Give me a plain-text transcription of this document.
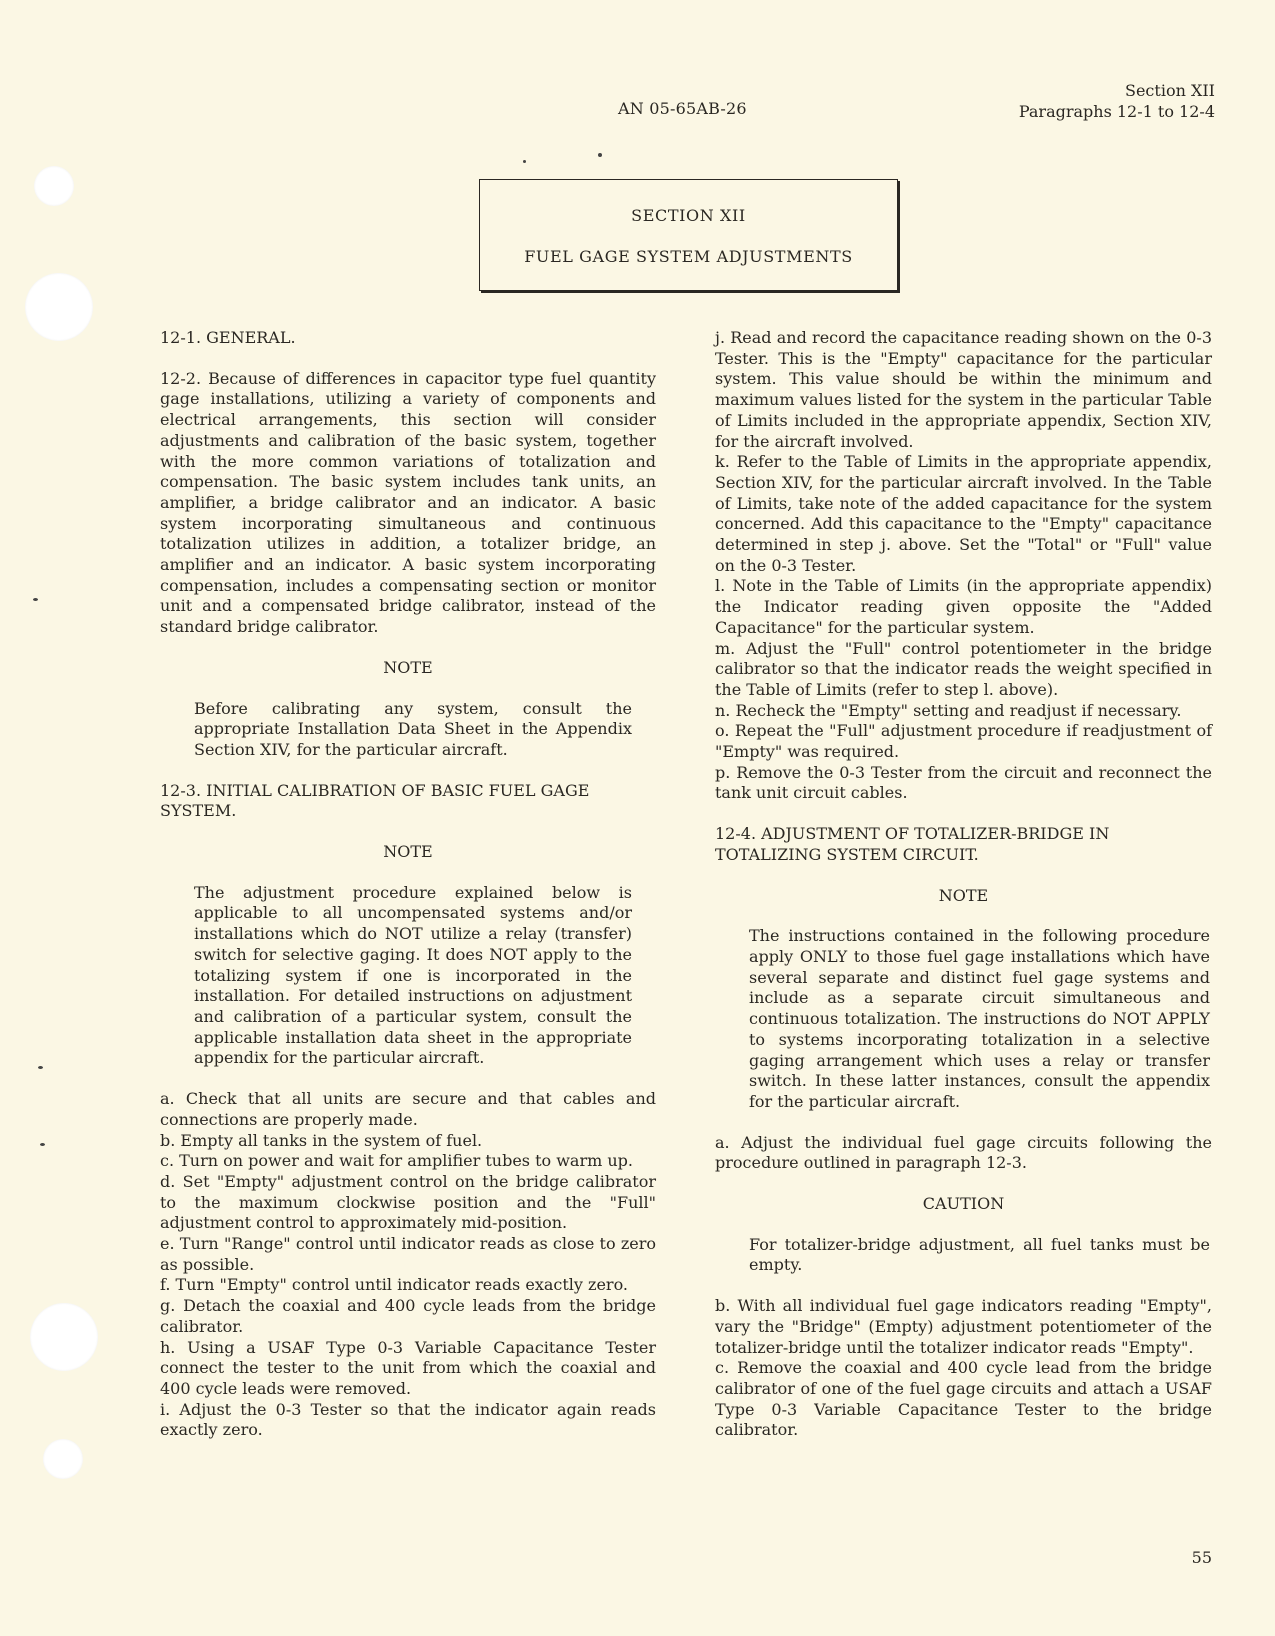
AN 05-65AB-26
Section XII
Paragraphs 12-1 to 12-4
SECTION XII
FUEL GAGE SYSTEM ADJUSTMENTS

12-1. GENERAL.

12-2. Because of differences in capacitor type fuel quantity gage installations, utilizing a variety of components and electrical arrangements, this section will consider adjustments and calibration of the basic system, together with the more common variations of totalization and compensation. The basic system includes tank units, an amplifier, a bridge calibrator and an indicator. A basic system incorporating simultaneous and continuous totalization utilizes in addition, a totalizer bridge, an amplifier and an indicator. A basic system incorporating compensation, includes a compensating section or monitor unit and a compensated bridge calibrator, instead of the standard bridge calibrator.

NOTE

Before calibrating any system, consult the appropriate Installation Data Sheet in the Appendix Section XIV, for the particular aircraft.

12-3. INITIAL CALIBRATION OF BASIC FUEL GAGE SYSTEM.

NOTE

The adjustment procedure explained below is applicable to all uncompensated systems and/or installations which do NOT utilize a relay (transfer) switch for selective gaging. It does NOT apply to the totalizing system if one is incorporated in the installation. For detailed instructions on adjustment and calibration of a particular system, consult the applicable installation data sheet in the appropriate appendix for the particular aircraft.

a. Check that all units are secure and that cables and connections are properly made.

b. Empty all tanks in the system of fuel.

c. Turn on power and wait for amplifier tubes to warm up.

d. Set "Empty" adjustment control on the bridge calibrator to the maximum clockwise position and the "Full" adjustment control to approximately mid-position.

e. Turn "Range" control until indicator reads as close to zero as possible.

f. Turn "Empty" control until indicator reads exactly zero.

g. Detach the coaxial and 400 cycle leads from the bridge calibrator.

h. Using a USAF Type 0-3 Variable Capacitance Tester connect the tester to the unit from which the coaxial and 400 cycle leads were removed.

i. Adjust the 0-3 Tester so that the indicator again reads exactly zero.

j. Read and record the capacitance reading shown on the 0-3 Tester. This is the "Empty" capacitance for the particular system. This value should be within the minimum and maximum values listed for the system in the particular Table of Limits included in the appropriate appendix, Section XIV, for the aircraft involved.

k. Refer to the Table of Limits in the appropriate appendix, Section XIV, for the particular aircraft involved. In the Table of Limits, take note of the added capacitance for the system concerned. Add this capacitance to the "Empty" capacitance determined in step j. above. Set the "Total" or "Full" value on the 0-3 Tester.

l. Note in the Table of Limits (in the appropriate appendix) the Indicator reading given opposite the "Added Capacitance" for the particular system.

m. Adjust the "Full" control potentiometer in the bridge calibrator so that the indicator reads the weight specified in the Table of Limits (refer to step l. above).

n. Recheck the "Empty" setting and readjust if necessary.

o. Repeat the "Full" adjustment procedure if readjustment of "Empty" was required.

p. Remove the 0-3 Tester from the circuit and reconnect the tank unit circuit cables.

12-4. ADJUSTMENT OF TOTALIZER-BRIDGE IN TOTALIZING SYSTEM CIRCUIT.

NOTE

The instructions contained in the following procedure apply ONLY to those fuel gage installations which have several separate and distinct fuel gage systems and include as a separate circuit simultaneous and continuous totalization. The instructions do NOT APPLY to systems incorporating totalization in a selective gaging arrangement which uses a relay or transfer switch. In these latter instances, consult the appendix for the particular aircraft.

a. Adjust the individual fuel gage circuits following the procedure outlined in paragraph 12-3.

CAUTION

For totalizer-bridge adjustment, all fuel tanks must be empty.

b. With all individual fuel gage indicators reading "Empty", vary the "Bridge" (Empty) adjustment potentiometer of the totalizer-bridge until the totalizer indicator reads "Empty".

c. Remove the coaxial and 400 cycle lead from the bridge calibrator of one of the fuel gage circuits and attach a USAF Type 0-3 Variable Capacitance Tester to the bridge calibrator.

55
